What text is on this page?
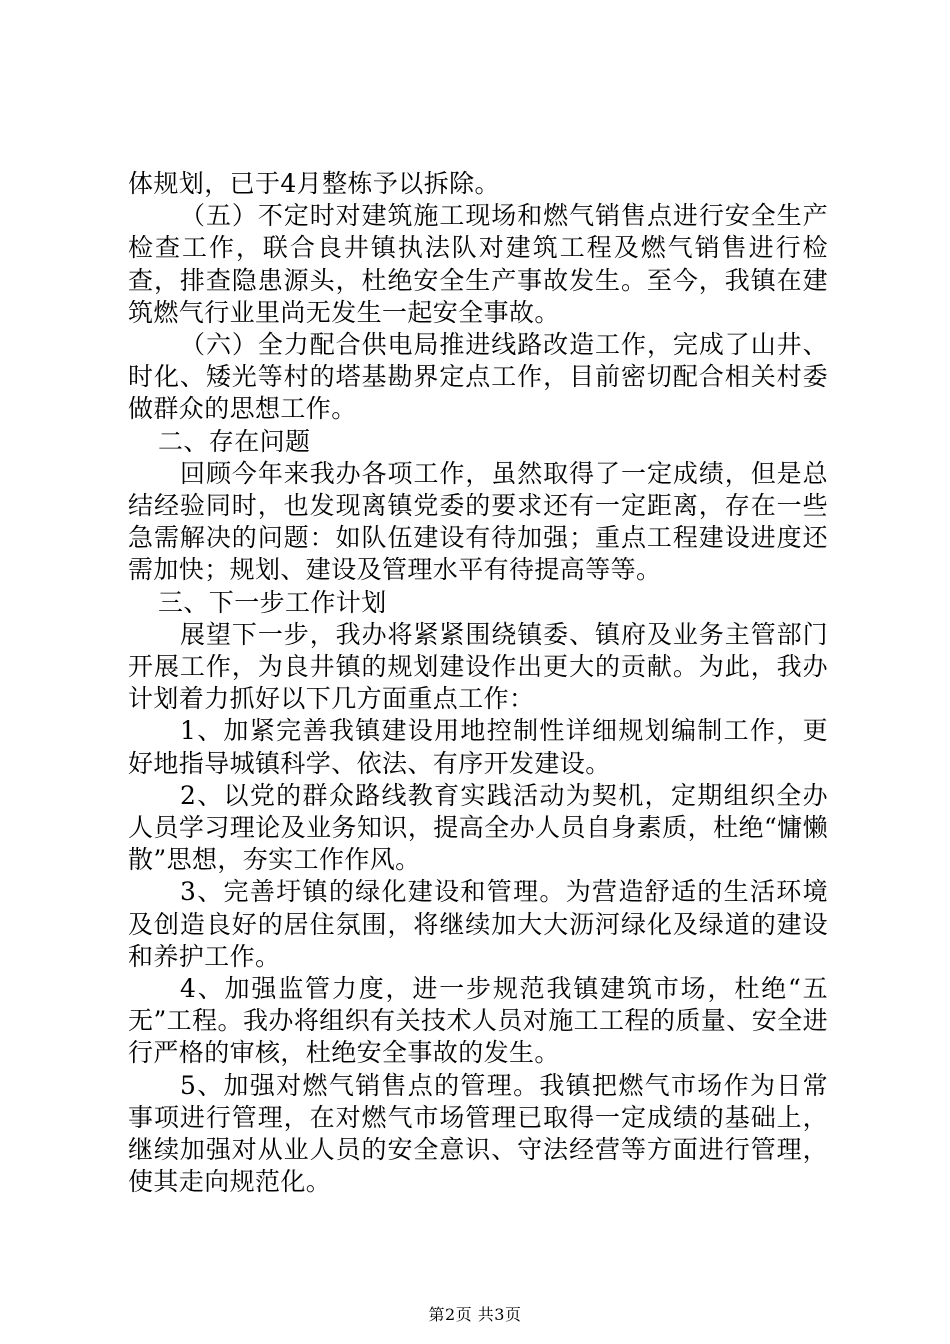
体规划，已于4月整栋予以拆除。

（五）不定时对建筑施工现场和燃气销售点进行安全生产检查工作，联合良井镇执法队对建筑工程及燃气销售进行检查，排查隐患源头，杜绝安全生产事故发生。至今，我镇在建筑燃气行业里尚无发生一起安全事故。

（六）全力配合供电局推进线路改造工作，完成了山井、时化、矮光等村的塔基勘界定点工作，目前密切配合相关村委做群众的思想工作。

二、存在问题

回顾今年来我办各项工作，虽然取得了一定成绩，但是总结经验同时，也发现离镇党委的要求还有一定距离，存在一些急需解决的问题：如队伍建设有待加强；重点工程建设进度还需加快；规划、建设及管理水平有待提高等等。

三、下一步工作计划

展望下一步，我办将紧紧围绕镇委、镇府及业务主管部门开展工作，为良井镇的规划建设作出更大的贡献。为此，我办计划着力抓好以下几方面重点工作：

1、加紧完善我镇建设用地控制性详细规划编制工作，更好地指导城镇科学、依法、有序开发建设。

2、以党的群众路线教育实践活动为契机，定期组织全办人员学习理论及业务知识，提高全办人员自身素质，杜绝“慵懒散”思想，夯实工作作风。

3、完善圩镇的绿化建设和管理。为营造舒适的生活环境及创造良好的居住氛围，将继续加大大沥河绿化及绿道的建设和养护工作。

4、加强监管力度，进一步规范我镇建筑市场，杜绝“五无”工程。我办将组织有关技术人员对施工工程的质量、安全进行严格的审核，杜绝安全事故的发生。

5、加强对燃气销售点的管理。我镇把燃气市场作为日常事项进行管理，在对燃气市场管理已取得一定成绩的基础上，继续加强对从业人员的安全意识、守法经营等方面进行管理，使其走向规范化。

第2页 共3页
